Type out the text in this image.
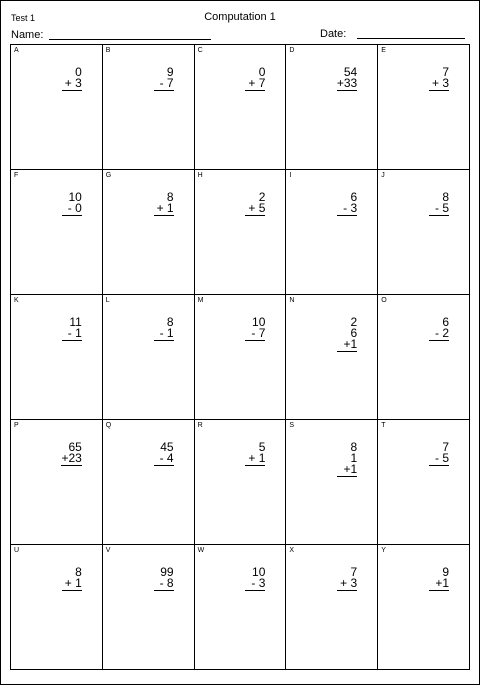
Test 1	Computation 1
Name:	Date:
A
0
+ 3
B
9
- 7
C
0
+ 7
D
54
+33
E
7
+ 3
F
10
- 0
G
8
+ 1
H
2
+ 5
I
6
- 3
J
8
- 5
K
11
- 1
L
8
- 1
M
10
- 7
N
2
6
+1
O
6
- 2
P
65
+23
Q
45
- 4
R
5
+ 1
S
8
1
+1
T
7
- 5
U
8
+ 1
V
99
- 8
W
10
- 3
X
7
+ 3
Y
9
+1
